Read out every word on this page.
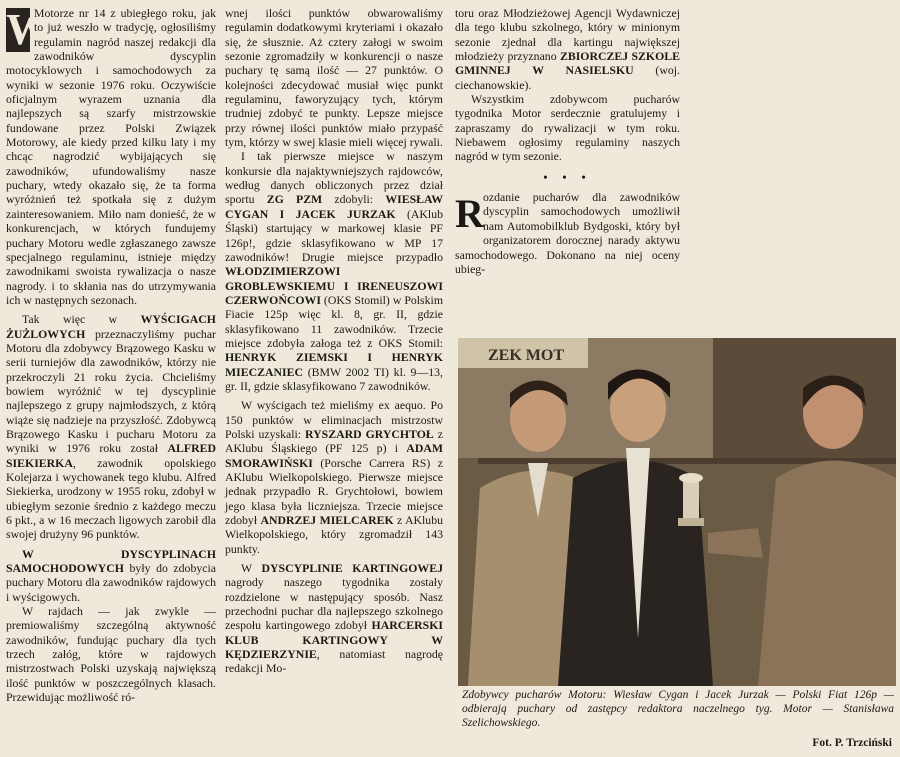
W
Motorze nr 14 z ubiegłego roku, jak to już weszło w tradycję, ogłosiliśmy regulamin nagród naszej redakcji dla zawodników dyscyplin motocyklowych i samochodowych za wyniki w sezonie 1976 roku. Oczywiście oficjalnym wyrazem uznania dla najlepszych są szarfy mistrzowskie fundowane przez Polski Związek Motorowy, ale kiedy przed kilku laty i my chcąc nagrodzić wybijających się zawodników, ufundowaliśmy nasze puchary, wtedy okazało się, że ta forma wyróżnień też spotkała się z dużym zainteresowaniem. Miło nam donieść, że w konkurencjach, w których fundujemy puchary Motoru wedle zgłaszanego zawsze specjalnego regulaminu, istnieje między zawodnikami swoista rywalizacja o nasze nagrody. i to skłania nas do utrzymywania ich w następnych sezonach.

Tak więc w WYŚCIGACH ŻUŻLOWYCH przeznaczyliśmy puchar Motoru dla zdobywcy Brązowego Kasku w serii turniejów dla zawodników, którzy nie przekroczyli 21 roku życia. Chcieliśmy bowiem wyróżnić w tej dyscyplinie najlepszego z grupy najmłodszych, z którą wiąże się nadzieje na przyszłość. Zdobywcą Brązowego Kasku i pucharu Motoru za wyniki w 1976 roku został ALFRED SIEKIERKA, zawodnik opolskiego Kolejarza i wychowanek tego klubu. Alfred Siekierka, urodzony w 1955 roku, zdobył w ubiegłym sezonie średnio z każdego meczu 6 pkt., a w 16 meczach ligowych zarobił dla swojej drużyny 96 punktów.

W DYSCYPLINACH SAMOCHODOWYCH były do zdobycia puchary Motoru dla zawodników rajdowych i wyścigowych.

W rajdach — jak zwykle — premiowaliśmy szczególną aktywność zawodników, fundując puchary dla tych trzech załóg, które w rajdowych mistrzostwach Polski uzyskają największą ilość punktów w poszczególnych klasach. Przewidując możliwość ró-

wnej ilości punktów obwarowaliśmy regulamin dodatkowymi kryteriami i okazało się, że słusznie. Aż cztery załogi w swoim sezonie zgromadziły w konkurencji o nasze puchary tę samą ilość — 27 punktów. O kolejności zdecydować musiał więc punkt regulaminu, faworyzujący tych, którym trudniej zdobyć te punkty. Lepsze miejsce przy równej ilości punktów miało przypaść tym, którzy w swej klasie mieli więcej rywali.

I tak pierwsze miejsce w naszym konkursie dla najaktywniejszych rajdowców, według danych obliczonych przez dział sportu ZG PZM zdobyli: WIESŁAW CYGAN I JACEK JURZAK (AKlub Śląski) startujący w markowej klasie PF 126p!, gdzie sklasyfikowano w MP 17 zawodników! Drugie miejsce przypadło WŁODZIMIERZOWI GROBLEWSKIEMU I IRENEUSZOWI CZERWOŃCOWI (OKS Stomil) w Polskim Fiacie 125p więc kl. 8, gr. II, gdzie sklasyfikowano 11 zawodników. Trzecie miejsce zdobyła załoga też z OKS Stomil: HENRYK ZIEMSKI I HENRYK MIECZANIEC (BMW 2002 TI) kl. 9—13, gr. II, gdzie sklasyfikowano 7 zawodników.

W wyścigach też mieliśmy ex aequo. Po 150 punktów w eliminacjach mistrzostw Polski uzyskali: RYSZARD GRYCHTOŁ z AKlubu Śląskiego (PF 125 p) i ADAM SMORAWIŃSKI (Porsche Carrera RS) z AKlubu Wielkopolskiego. Pierwsze miejsce jednak przypadło R. Grychtołowi, bowiem jego klasa była liczniejsza. Trzecie miejsce zdobył ANDRZEJ MIELCAREK z AKlubu Wielkopolskiego, który zgromadził 143 punkty.

W DYSCYPLINIE KARTINGOWEJ nagrody naszego tygodnika zostały rozdzielone w następujący sposób. Nasz przechodni puchar dla najlepszego szkolnego zespołu kartingowego zdobył HARCERSKI KLUB KARTINGOWY W KĘDZIERZYNIE, natomiast nagrodę redakcji Mo-

toru oraz Młodzieżowej Agencji Wydawniczej dla tego klubu szkolnego, który w minionym sezonie zjednał dla kartingu największej młodzieży przyznano ZBIORCZEJ SZKOLE GMINNEJ W NASIELSKU (woj. ciechanowskie).

Wszystkim zdobywcom pucharów tygodnika Motor serdecznie gratulujemy i zapraszamy do rywalizacji w tym roku. Niebawem ogłosimy regulaminy naszych nagród w tym sezonie.

• • •

Rozdanie pucharów dla zawodników dyscyplin samochodowych umożliwił nam Automobilklub Bydgoski, który był organizatorem dorocznej narady aktywu samochodowego. Dokonano na niej oceny ubieg-

ZEK MOT
Zdobywcy pucharów Motoru: Wiesław Cygan i Jacek Jurzak — Polski Fiat 126p — odbierają puchary od zastępcy redaktora naczelnego tyg. Motor — Stanisława Szelichowskiego.
Fot. P. Trzciński
